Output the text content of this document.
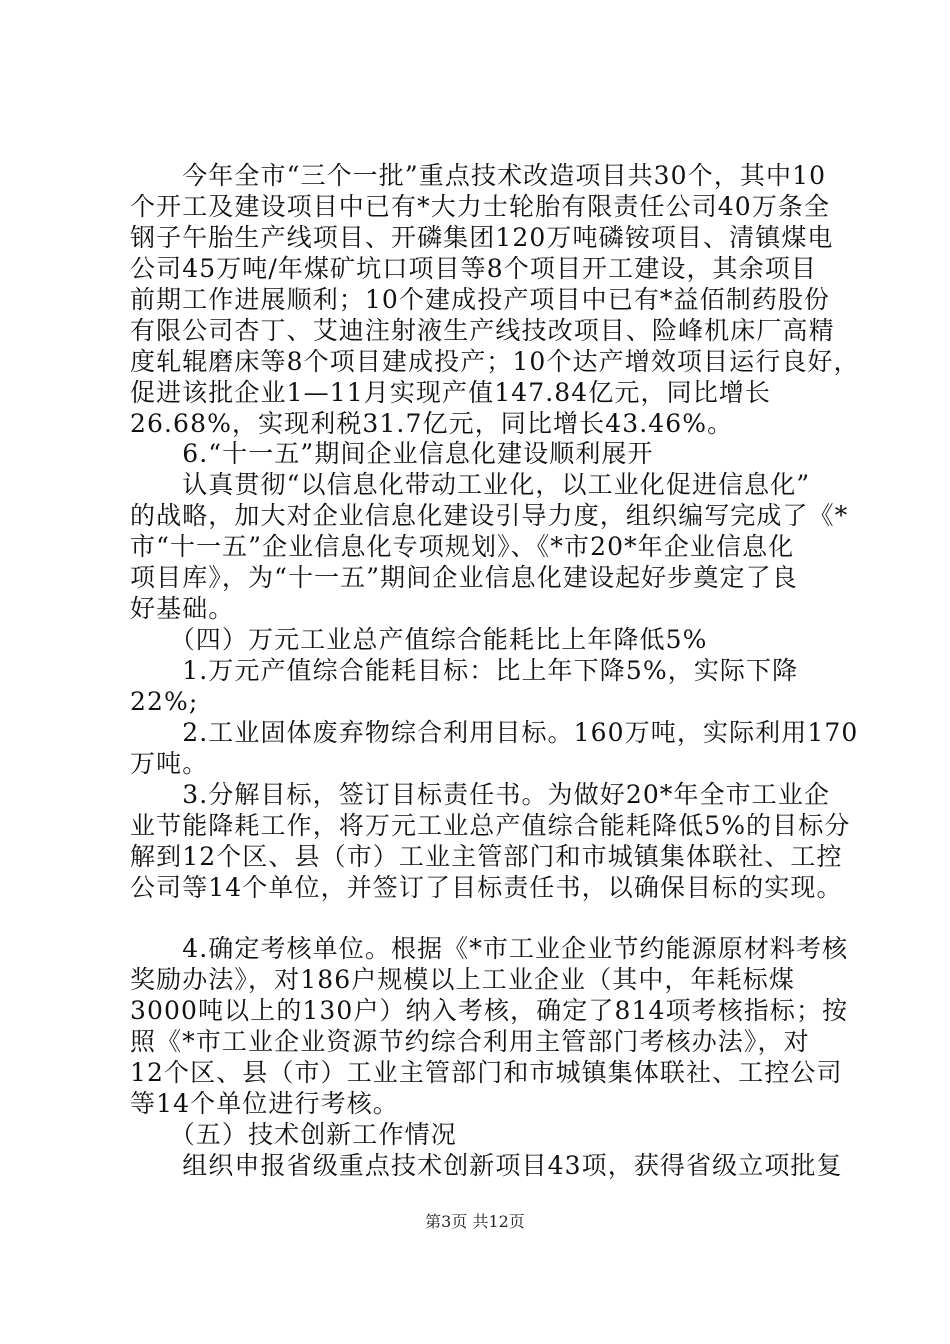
　　今年全市“三个一批”重点技术改造项目共30个，其中10
个开工及建设项目中已有*大力士轮胎有限责任公司40万条全
钢子午胎生产线项目、开磷集团120万吨磷铵项目、清镇煤电
公司45万吨/年煤矿坑口项目等8个项目开工建设，其余项目
前期工作进展顺利；10个建成投产项目中已有*益佰制药股份
有限公司杏丁、艾迪注射液生产线技改项目、险峰机床厂高精
度轧辊磨床等8个项目建成投产；10个达产增效项目运行良好，
促进该批企业1—11月实现产值147.84亿元，同比增长
26.68%，实现利税31.7亿元，同比增长43.46%。
　　6.“十一五”期间企业信息化建设顺利展开
　　认真贯彻“以信息化带动工业化，以工业化促进信息化”
的战略，加大对企业信息化建设引导力度，组织编写完成了《*
市“十一五”企业信息化专项规划》、《*市20*年企业信息化
项目库》，为“十一五”期间企业信息化建设起好步奠定了良
好基础。
　　（四）万元工业总产值综合能耗比上年降低5%
　　1.万元产值综合能耗目标：比上年下降5%，实际下降
22%;
　　2.工业固体废弃物综合利用目标。160万吨，实际利用170
万吨。
　　3.分解目标，签订目标责任书。为做好20*年全市工业企
业节能降耗工作，将万元工业总产值综合能耗降低5%的目标分
解到12个区、县（市）工业主管部门和市城镇集体联社、工控
公司等14个单位，并签订了目标责任书，以确保目标的实现。
　　4.确定考核单位。根据《*市工业企业节约能源原材料考核
奖励办法》，对186户规模以上工业企业（其中，年耗标煤
3000吨以上的130户）纳入考核，确定了814项考核指标；按
照《*市工业企业资源节约综合利用主管部门考核办法》，对
12个区、县（市）工业主管部门和市城镇集体联社、工控公司
等14个单位进行考核。
　　（五）技术创新工作情况
　　组织申报省级重点技术创新项目43项，获得省级立项批复
第3页 共12页
